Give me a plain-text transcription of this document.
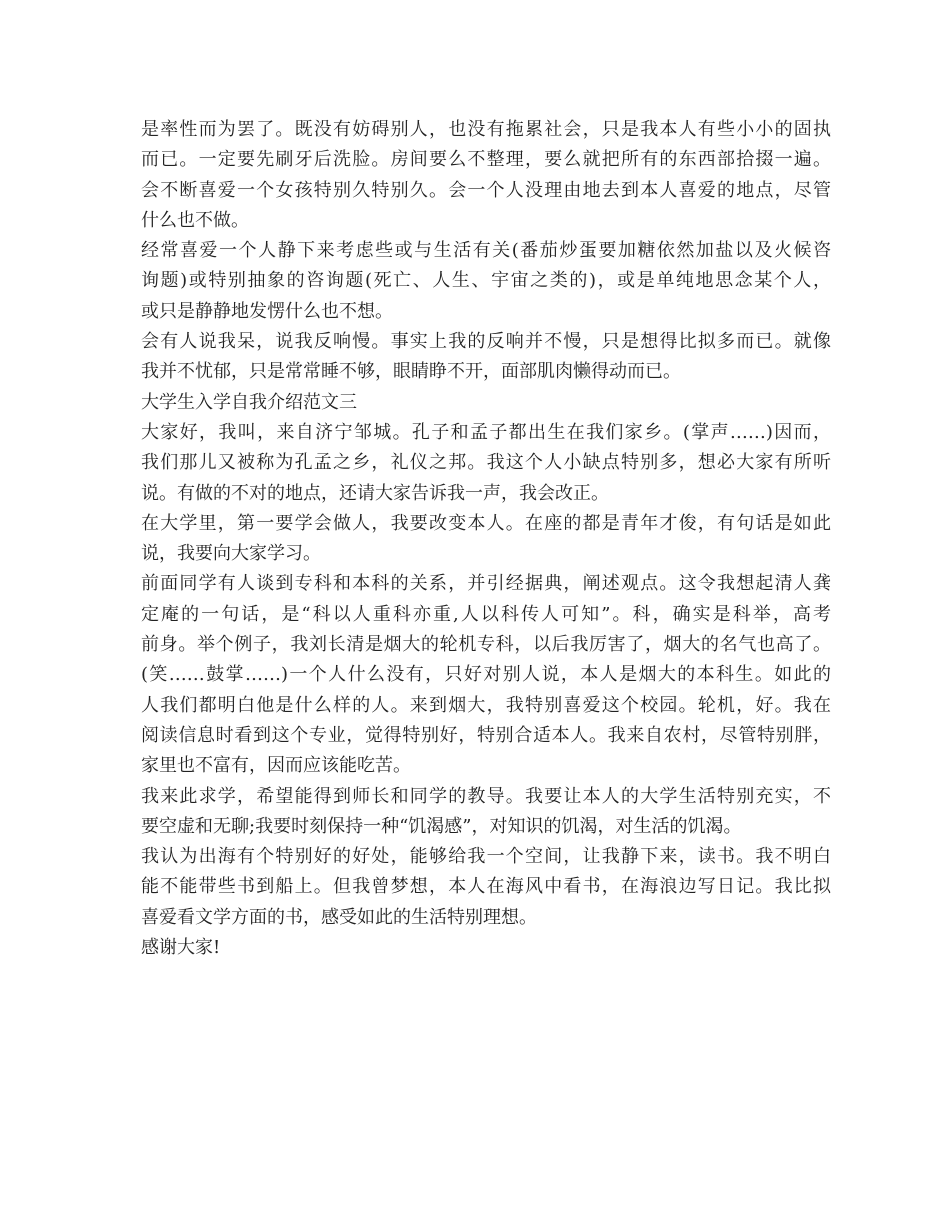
是率性而为罢了。既没有妨碍别人，也没有拖累社会，只是我本人有些小小的固执
而已。一定要先刷牙后洗脸。房间要么不整理，要么就把所有的东西部拾掇一遍。
会不断喜爱一个女孩特别久特别久。会一个人没理由地去到本人喜爱的地点，尽管
什么也不做。
经常喜爱一个人静下来考虑些或与生活有关(番茄炒蛋要加糖依然加盐以及火候咨
询题)或特别抽象的咨询题(死亡、人生、宇宙之类的)，或是单纯地思念某个人，
或只是静静地发愣什么也不想。
会有人说我呆，说我反响慢。事实上我的反响并不慢，只是想得比拟多而已。就像
我并不忧郁，只是常常睡不够，眼睛睁不开，面部肌肉懒得动而已。
大学生入学自我介绍范文三
大家好，我叫，来自济宁邹城。孔子和孟子都出生在我们家乡。(掌声……)因而，
我们那儿又被称为孔孟之乡，礼仪之邦。我这个人小缺点特别多，想必大家有所听
说。有做的不对的地点，还请大家告诉我一声，我会改正。
在大学里，第一要学会做人，我要改变本人。在座的都是青年才俊，有句话是如此
说，我要向大家学习。
前面同学有人谈到专科和本科的关系，并引经据典，阐述观点。这令我想起清人龚
定庵的一句话，是“科以人重科亦重,人以科传人可知”。科，确实是科举，高考
前身。举个例子，我刘长清是烟大的轮机专科，以后我厉害了，烟大的名气也高了。
(笑……鼓掌……)一个人什么没有，只好对别人说，本人是烟大的本科生。如此的
人我们都明白他是什么样的人。来到烟大，我特别喜爱这个校园。轮机，好。我在
阅读信息时看到这个专业，觉得特别好，特别合适本人。我来自农村，尽管特别胖，
家里也不富有，因而应该能吃苦。
我来此求学，希望能得到师长和同学的教导。我要让本人的大学生活特别充实，不
要空虚和无聊;我要时刻保持一种“饥渴感”，对知识的饥渴，对生活的饥渴。
我认为出海有个特别好的好处，能够给我一个空间，让我静下来，读书。我不明白
能不能带些书到船上。但我曾梦想，本人在海风中看书，在海浪边写日记。我比拟
喜爱看文学方面的书，感受如此的生活特别理想。
感谢大家!
